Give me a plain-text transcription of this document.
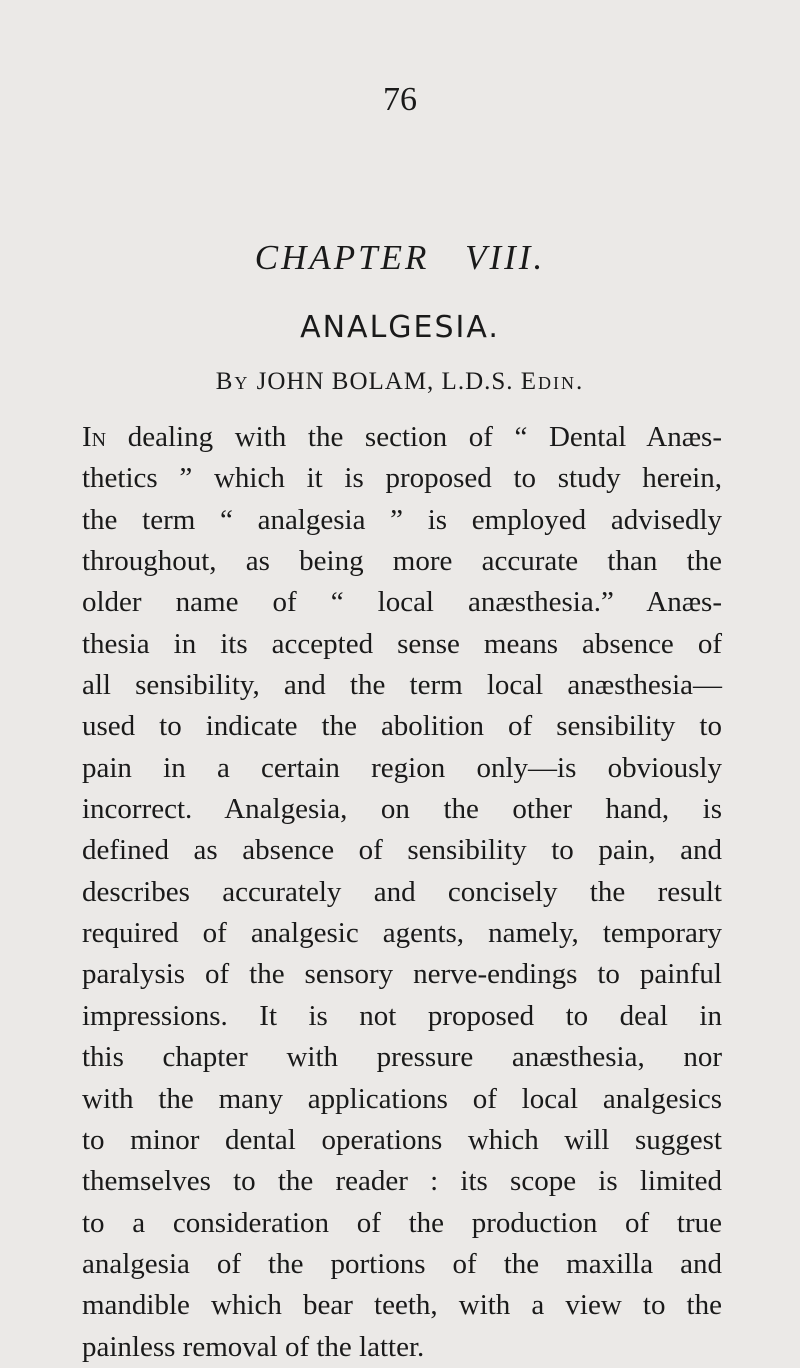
76
CHAPTER VIII.
ANALGESIA.
By JOHN BOLAM, L.D.S. Edin.
In dealing with the section of “ Dental Anæs-
thetics ” which it is proposed to study herein,
the term “ analgesia ” is employed advisedly
throughout, as being more accurate than the
older name of “ local anæsthesia.” Anæs-
thesia in its accepted sense means absence of
all sensibility, and the term local anæsthesia—
used to indicate the abolition of sensibility to
pain in a certain region only—is obviously
incorrect. Analgesia, on the other hand, is
defined as absence of sensibility to pain, and
describes accurately and concisely the result
required of analgesic agents, namely, temporary
paralysis of the sensory nerve-endings to painful
impressions. It is not proposed to deal in
this chapter with pressure anæsthesia, nor
with the many applications of local analgesics
to minor dental operations which will suggest
themselves to the reader : its scope is limited
to a consideration of the production of true
analgesia of the portions of the maxilla and
mandible which bear teeth, with a view to the
painless removal of the latter.
